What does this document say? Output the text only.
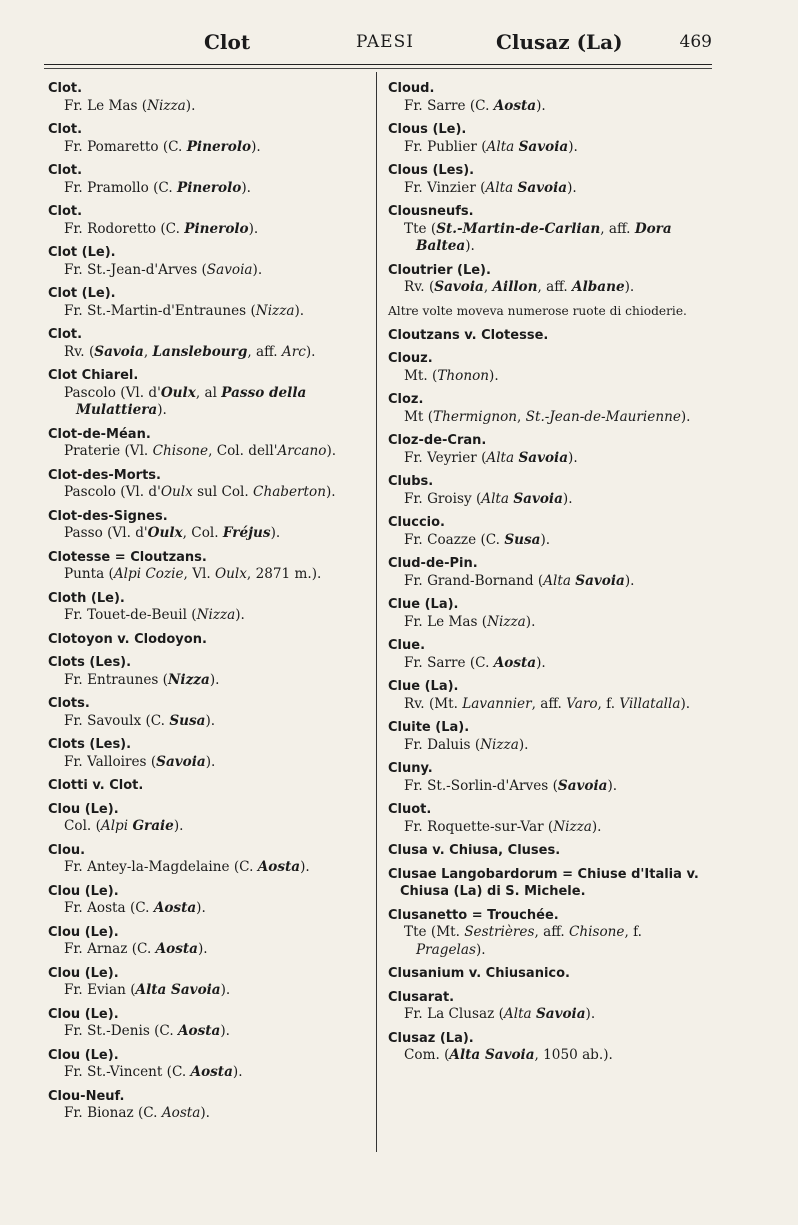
Clot	PAESI	Clusaz (La)	469
Clot.
Fr. Le Mas (Nizza).
Clot.
Fr. Pomaretto (C. Pinerolo).
Clot.
Fr. Pramollo (C. Pinerolo).
Clot.
Fr. Rodoretto (C. Pinerolo).
Clot (Le).
Fr. St.-Jean-d'Arves (Savoia).
Clot (Le).
Fr. St.-Martin-d'Entraunes (Nizza).
Clot.
Rv. (Savoia, Lanslebourg, aff. Arc).
Clot Chiarel.
Pascolo (Vl. d'Oulx, al Passo della Mulattiera).
Clot-de-Méan.
Praterie (Vl. Chisone, Col. dell'Arcano).
Clot-des-Morts.
Pascolo (Vl. d'Oulx sul Col. Chaberton).
Clot-des-Signes.
Passo (Vl. d'Oulx, Col. Fréjus).
Clotesse = Cloutzans.
Punta (Alpi Cozie, Vl. Oulx, 2871 m.).
Cloth (Le).
Fr. Touet-de-Beuil (Nizza).
Clotoyon v. Clodoyon.
Clots (Les).
Fr. Entraunes (Nizza).
Clots.
Fr. Savoulx (C. Susa).
Clots (Les).
Fr. Valloires (Savoia).
Clotti v. Clot.
Clou (Le).
Col. (Alpi Graie).
Clou.
Fr. Antey-la-Magdelaine (C. Aosta).
Clou (Le).
Fr. Aosta (C. Aosta).
Clou (Le).
Fr. Arnaz (C. Aosta).
Clou (Le).
Fr. Evian (Alta Savoia).
Clou (Le).
Fr. St.-Denis (C. Aosta).
Clou (Le).
Fr. St.-Vincent (C. Aosta).
Clou-Neuf.
Fr. Bionaz (C. Aosta).
Cloud.
Fr. Sarre (C. Aosta).
Clous (Le).
Fr. Publier (Alta Savoia).
Clous (Les).
Fr. Vinzier (Alta Savoia).
Clousneufs.
Tte (St.-Martin-de-Carlian, aff. Dora Baltea).
Cloutrier (Le).
Rv. (Savoia, Aillon, aff. Albane).
Altre volte moveva numerose ruote di chioderie.
Cloutzans v. Clotesse.
Clouz.
Mt. (Thonon).
Cloz.
Mt (Thermignon, St.-Jean-de-Maurienne).
Cloz-de-Cran.
Fr. Veyrier (Alta Savoia).
Clubs.
Fr. Groisy (Alta Savoia).
Cluccio.
Fr. Coazze (C. Susa).
Clud-de-Pin.
Fr. Grand-Bornand (Alta Savoia).
Clue (La).
Fr. Le Mas (Nizza).
Clue.
Fr. Sarre (C. Aosta).
Clue (La).
Rv. (Mt. Lavannier, aff. Varo, f. Villatalla).
Cluite (La).
Fr. Daluis (Nizza).
Cluny.
Fr. St.-Sorlin-d'Arves (Savoia).
Cluot.
Fr. Roquette-sur-Var (Nizza).
Clusa v. Chiusa, Cluses.
Clusae Langobardorum = Chiuse d'Italia v. Chiusa (La) di S. Michele.
Clusanetto = Trouchée.
Tte (Mt. Sestrières, aff. Chisone, f. Pragelas).
Clusanium v. Chiusanico.
Clusarat.
Fr. La Clusaz (Alta Savoia).
Clusaz (La).
Com. (Alta Savoia, 1050 ab.).
